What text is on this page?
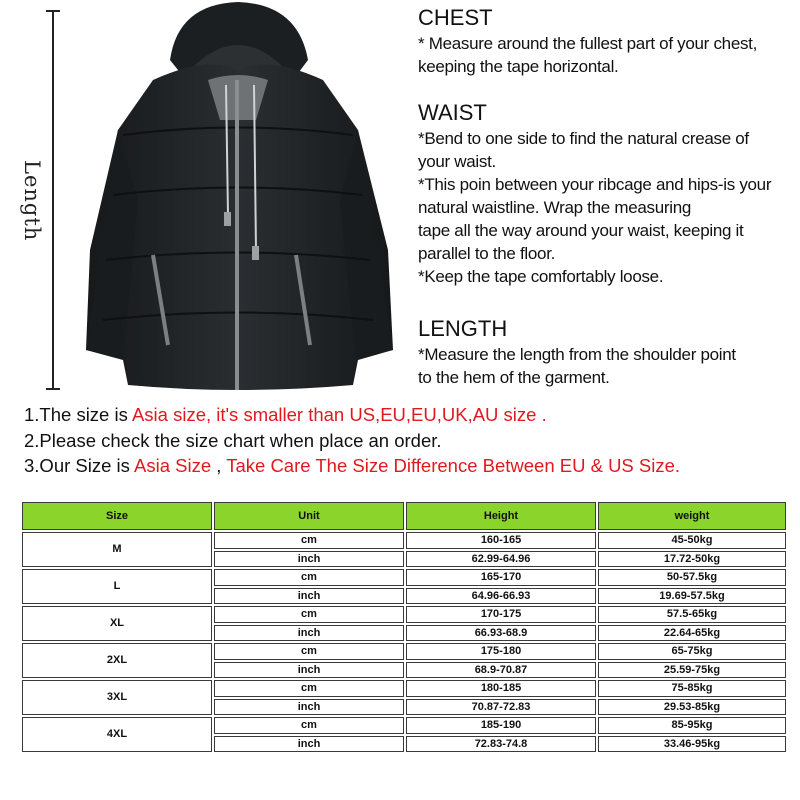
Length
CHEST
* Measure around the fullest part of your chest,
keeping the tape horizontal.
WAIST
*Bend to one side to find the natural crease of
your waist.
*This poin between your ribcage and hips-is your
natural waistline. Wrap the measuring
tape all the way around your waist, keeping it
parallel to the floor.
*Keep the tape comfortably loose.
LENGTH
*Measure the length from the shoulder point
to the hem of the garment.
1.The size is Asia size, it's smaller than US,EU,EU,UK,AU size .
2.Please check the size chart when place an order.
3.Our Size is Asia Size , Take Care The Size Difference Between EU & US Size.
Size	Unit	Height	weight
M	cm	160-165	45-50kg
	inch	62.99-64.96	17.72-50kg
L	cm	165-170	50-57.5kg
	inch	64.96-66.93	19.69-57.5kg
XL	cm	170-175	57.5-65kg
	inch	66.93-68.9	22.64-65kg
2XL	cm	175-180	65-75kg
	inch	68.9-70.87	25.59-75kg
3XL	cm	180-185	75-85kg
	inch	70.87-72.83	29.53-85kg
4XL	cm	185-190	85-95kg
	inch	72.83-74.8	33.46-95kg
